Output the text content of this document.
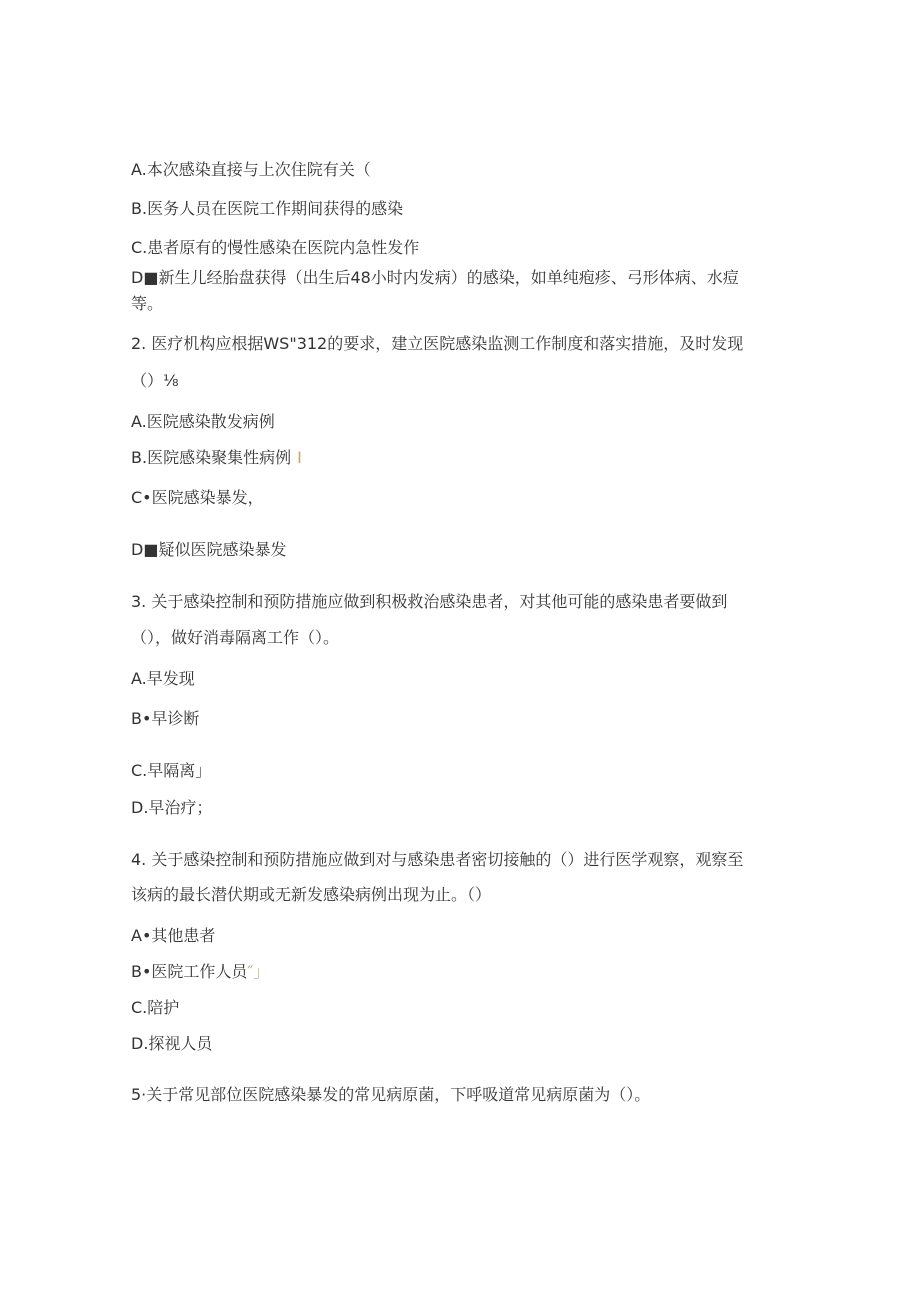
A.本次感染直接与上次住院有关（
B.医务人员在医院工作期间获得的感染
C.患者原有的慢性感染在医院内急性发作
D■新生儿经胎盘获得（出生后48小时内发病）的感染，如单纯疱疹、弓形体病、水痘
等。
2. 医疗机构应根据WS"312的要求，建立医院感染监测工作制度和落实措施，及时发现
（）⅛
A.医院感染散发病例
B.医院感染聚集性病例 I
C•医院感染暴发，
D■疑似医院感染暴发
3. 关于感染控制和预防措施应做到积极救治感染患者，对其他可能的感染患者要做到
（），做好消毒隔离工作（）。
A.早发现
B•早诊断
C.早隔离」
D.早治疗；
4. 关于感染控制和预防措施应做到对与感染患者密切接触的（）进行医学观察，观察至
该病的最长潜伏期或无新发感染病例出现为止。（）
A•其他患者
B•医院工作人员″」
C.陪护
D.探视人员
5·关于常见部位医院感染暴发的常见病原菌，下呼吸道常见病原菌为（）。
